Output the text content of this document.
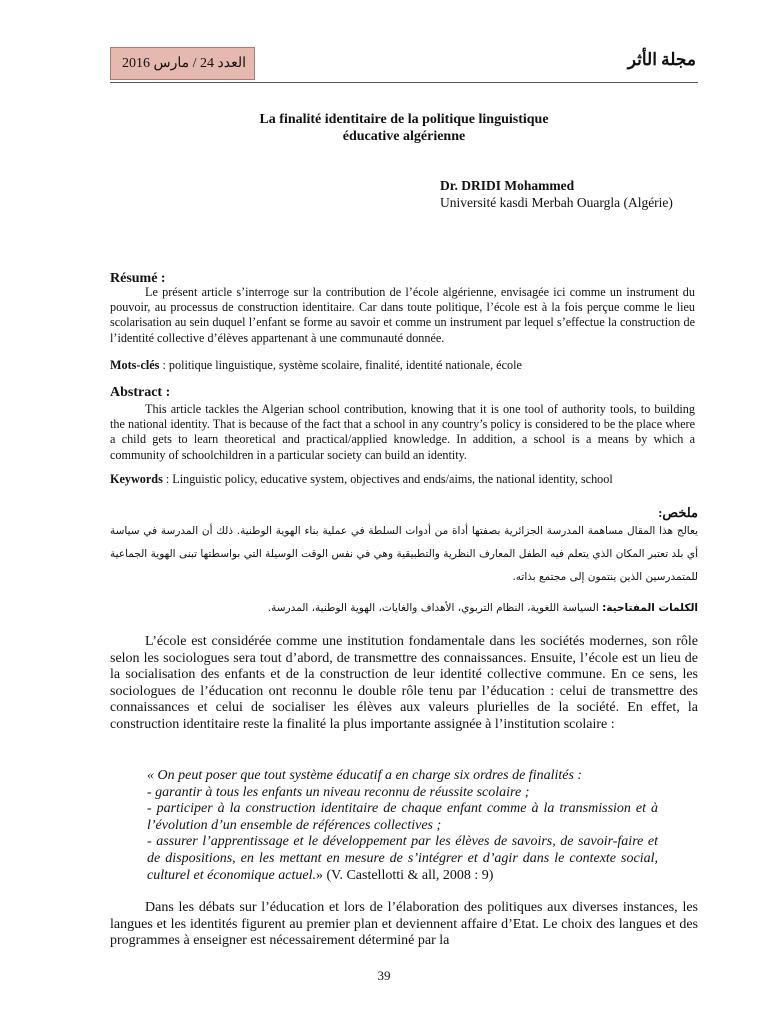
العدد 24 / مارس 2016	مجلة الأثر
La finalité identitaire de la politique linguistique
éducative algérienne
Dr. DRIDI Mohammed
Université kasdi Merbah Ouargla (Algérie)
Résumé :
Le présent article s’interroge sur la contribution de l’école algérienne, envisagée ici comme un instrument du pouvoir, au processus de construction identitaire. Car dans toute politique, l’école est à la fois perçue comme le lieu scolarisation au sein duquel l’enfant se forme au savoir et comme un instrument par lequel s’effectue la construction de l’identité collective d’élèves appartenant à une communauté donnée.
Mots-clés : politique linguistique, système scolaire, finalité, identité nationale, école
Abstract :
This article tackles the Algerian school contribution, knowing that it is one tool of authority tools, to building the national identity. That is because of the fact that a school in any country’s policy is considered to be the place where a child gets to learn theoretical and practical/applied knowledge. In addition, a school is a means by which a community of schoolchildren in a particular society can build an identity.
Keywords : Linguistic policy, educative system, objectives and ends/aims, the national identity, school
ملخص:
يعالج هذا المقال مساهمة المدرسة الجزائرية بصفتها أداة من أدوات السلطة في عملية بناء الهوية الوطنية. ذلك أن المدرسة في سياسة أي بلد تعتبر المكان الذي يتعلم فيه الطفل المعارف النظرية والتطبيقية وهي في نفس الوقت الوسيلة التي بواسطتها تبنى الهوية الجماعية للمتمدرسين الذين ينتمون إلى مجتمع بذاته.
الكلمات المفتاحية: السياسة اللغوية، النظام التربوي، الأهداف والغايات، الهوية الوطنية، المدرسة.
L’école est considérée comme une institution fondamentale dans les sociétés modernes, son rôle selon les sociologues sera tout d’abord, de transmettre des connaissances. Ensuite, l’école est un lieu de la socialisation des enfants et de la construction de leur identité collective commune. En ce sens, les sociologues de l’éducation ont reconnu le double rôle tenu par l’éducation : celui de transmettre des connaissances et celui de socialiser les élèves aux valeurs plurielles de la société. En effet, la construction identitaire reste la finalité la plus importante assignée à l’institution scolaire :
« On peut poser que tout système éducatif a en charge six ordres de finalités :
- garantir à tous les enfants un niveau reconnu de réussite scolaire ;
- participer à la construction identitaire de chaque enfant comme à la transmission et à l’évolution d’un ensemble de références collectives ;
- assurer l’apprentissage et le développement par les élèves de savoirs, de savoir-faire et de dispositions, en les mettant en mesure de s’intégrer et d’agir dans le contexte social, culturel et économique actuel.» (V. Castellotti & all, 2008 : 9)
Dans les débats sur l’éducation et lors de l’élaboration des politiques aux diverses instances, les langues et les identités figurent au premier plan et deviennent affaire d’Etat. Le choix des langues et des programmes à enseigner est nécessairement déterminé par la
39
